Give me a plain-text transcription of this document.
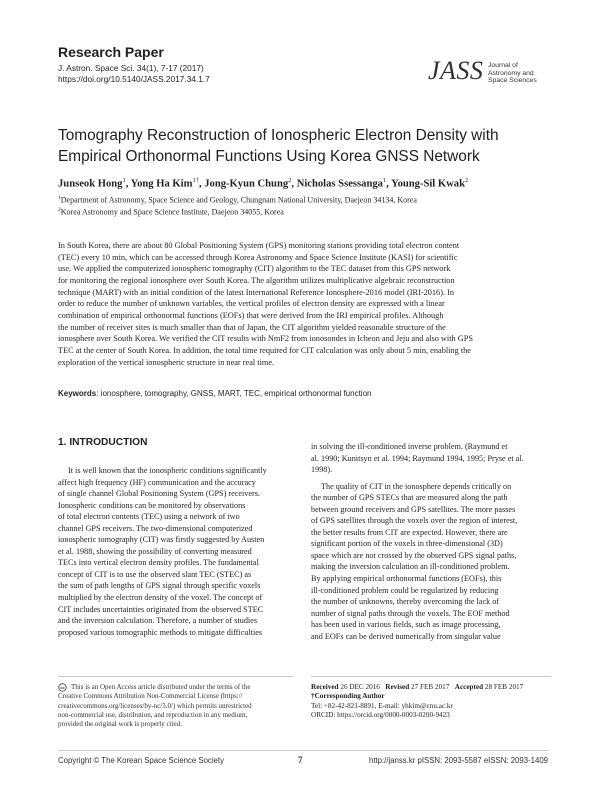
Research Paper
J. Astron. Space Sci. 34(1), 7-17 (2017)
https://doi.org/10.5140/JASS.2017.34.1.7	JASS Journal of
Astronomy and
Space Sciences
Tomography Reconstruction of Ionospheric Electron Density with
Empirical Orthonormal Functions Using Korea GNSS Network
Junseok Hong$^1$, Yong Ha Kim$^{1\dagger}$, Jong-Kyun Chung$^2$, Nicholas Ssessanga$^1$, Young-Sil Kwak$^2$
$^1$Department of Astronomy, Space Science and Geology, Chungnam National University, Daejeon 34134, Korea
$^2$Korea Astronomy and Space Science Institute, Daejeon 34055, Korea
In South Korea, there are about 80 Global Positioning System (GPS) monitoring stations providing total electron content
(TEC) every 10 min, which can be accessed through Korea Astronomy and Space Science Institute (KASI) for scientific
use. We applied the computerized ionospheric tomography (CIT) algorithm to the TEC dataset from this GPS network
for monitoring the regional ionosphere over South Korea. The algorithm utilizes multiplicative algebraic reconstruction
technique (MART) with an initial condition of the latest International Reference Ionosphere-2016 model (IRI-2016). In
order to reduce the number of unknown variables, the vertical profiles of electron density are expressed with a linear
combination of empirical orthonormal functions (EOFs) that were derived from the IRI empirical profiles. Although
the number of receiver sites is much smaller than that of Japan, the CIT algorithm yielded reasonable structure of the
ionosphere over South Korea. We verified the CIT results with NmF2 from ionosondes in Icheon and Jeju and also with GPS
TEC at the center of South Korea. In addition, the total time required for CIT calculation was only about 5 min, enabling the
exploration of the vertical ionospheric structure in near real time.
Keywords: ionosphere, tomography, GNSS, MART, TEC, empirical orthonormal function
1. INTRODUCTION
It is well known that the ionospheric conditions significantly
affect high frequency (HF) communication and the accuracy
of single channel Global Positioning System (GPS) receivers.
Ionospheric conditions can be monitored by observations
of total electron contents (TEC) using a network of two
channel GPS receivers. The two-dimensional computerized
ionospheric tomography (CIT) was firstly suggested by Austen
et al. 1988, showing the possibility of converting measured
TECs into vertical electron density profiles. The fundamental
concept of CIT is to use the observed slant TEC (STEC) as
the sum of path lengths of GPS signal through specific voxels
multiplied by the electron density of the voxel. The concept of
CIT includes uncertainties originated from the observed STEC
and the inversion calculation. Therefore, a number of studies
proposed various tomographic methods to mitigate difficulties
in solving the ill-conditioned inverse problem. (Raymund et
al. 1990; Kunitsyn et al. 1994; Raymund 1994, 1995; Pryse et al.
1998).
The quality of CIT in the ionosphere depends critically on
the number of GPS STECs that are measured along the path
between ground receivers and GPS satellites. The more passes
of GPS satellites through the voxels over the region of interest,
the better results from CIT are expected. However, there are
significant portion of the voxels in three-dimensional (3D)
space which are not crossed by the observed GPS signal paths,
making the inversion calculation an ill-conditioned problem.
By applying empirical orthonormal functions (EOFs), this
ill-conditioned problem could be regularized by reducing
the number of unknowns, thereby overcoming the lack of
number of signal paths through the voxels. The EOF method
has been used in various fields, such as image processing,
and EOFs can be derived numerically from singular value
cc This is an Open Access article distributed under the terms of the
Creative Commons Attribution Non-Commercial License (https://
creativecommons.org/licenses/by-nc/3.0/) which permits unrestricted
non-commercial use, distribution, and reproduction in any medium,
provided the original work is properly cited.
Received 26 DEC 2016 Revised 27 FEB 2017 Accepted 28 FEB 2017
†Corresponding Author
Tel: +82-42-821-8891, E-mail: yhkim@cnu.ac.kr
ORCID: https://orcid.org/0000-0003-0200-9423
Copyright © The Korean Space Science Society	7	http://janss.kr pISSN: 2093-5587 eISSN: 2093-1409
